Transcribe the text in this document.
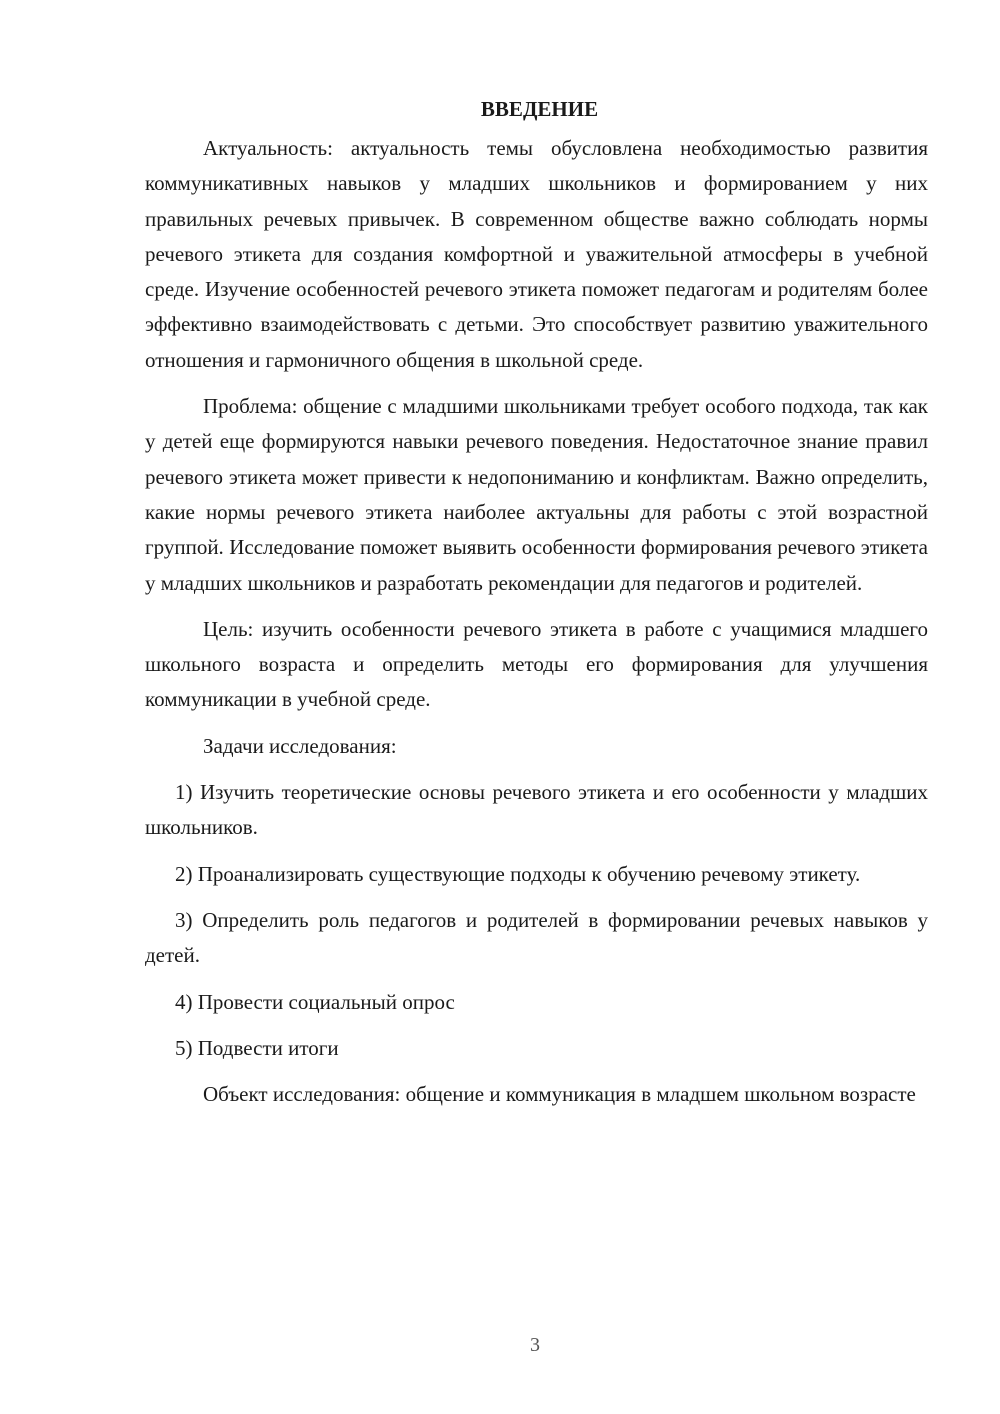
ВВЕДЕНИЕ

Актуальность: актуальность темы обусловлена необходимостью развития коммуникативных навыков у младших школьников и формированием у них правильных речевых привычек. В современном обществе важно соблюдать нормы речевого этикета для создания комфортной и уважительной атмосферы в учебной среде. Изучение особенностей речевого этикета поможет педагогам и родителям более эффективно взаимодействовать с детьми. Это способствует развитию уважительного отношения и гармоничного общения в школьной среде.

Проблема: общение с младшими школьниками требует особого подхода, так как у детей еще формируются навыки речевого поведения. Недостаточное знание правил речевого этикета может привести к недопониманию и конфликтам. Важно определить, какие нормы речевого этикета наиболее актуальны для работы с этой возрастной группой. Исследование поможет выявить особенности формирования речевого этикета у младших школьников и разработать рекомендации для педагогов и родителей.

Цель: изучить особенности речевого этикета в работе с учащимися младшего школьного возраста и определить методы его формирования для улучшения коммуникации в учебной среде.

Задачи исследования:

1) Изучить теоретические основы речевого этикета и его особенности у младших школьников.

2) Проанализировать существующие подходы к обучению речевому этикету.

3) Определить роль педагогов и родителей в формировании речевых навыков у детей.

4) Провести социальный опрос

5) Подвести итоги

Объект исследования: общение и коммуникация в младшем школьном возрасте

3
